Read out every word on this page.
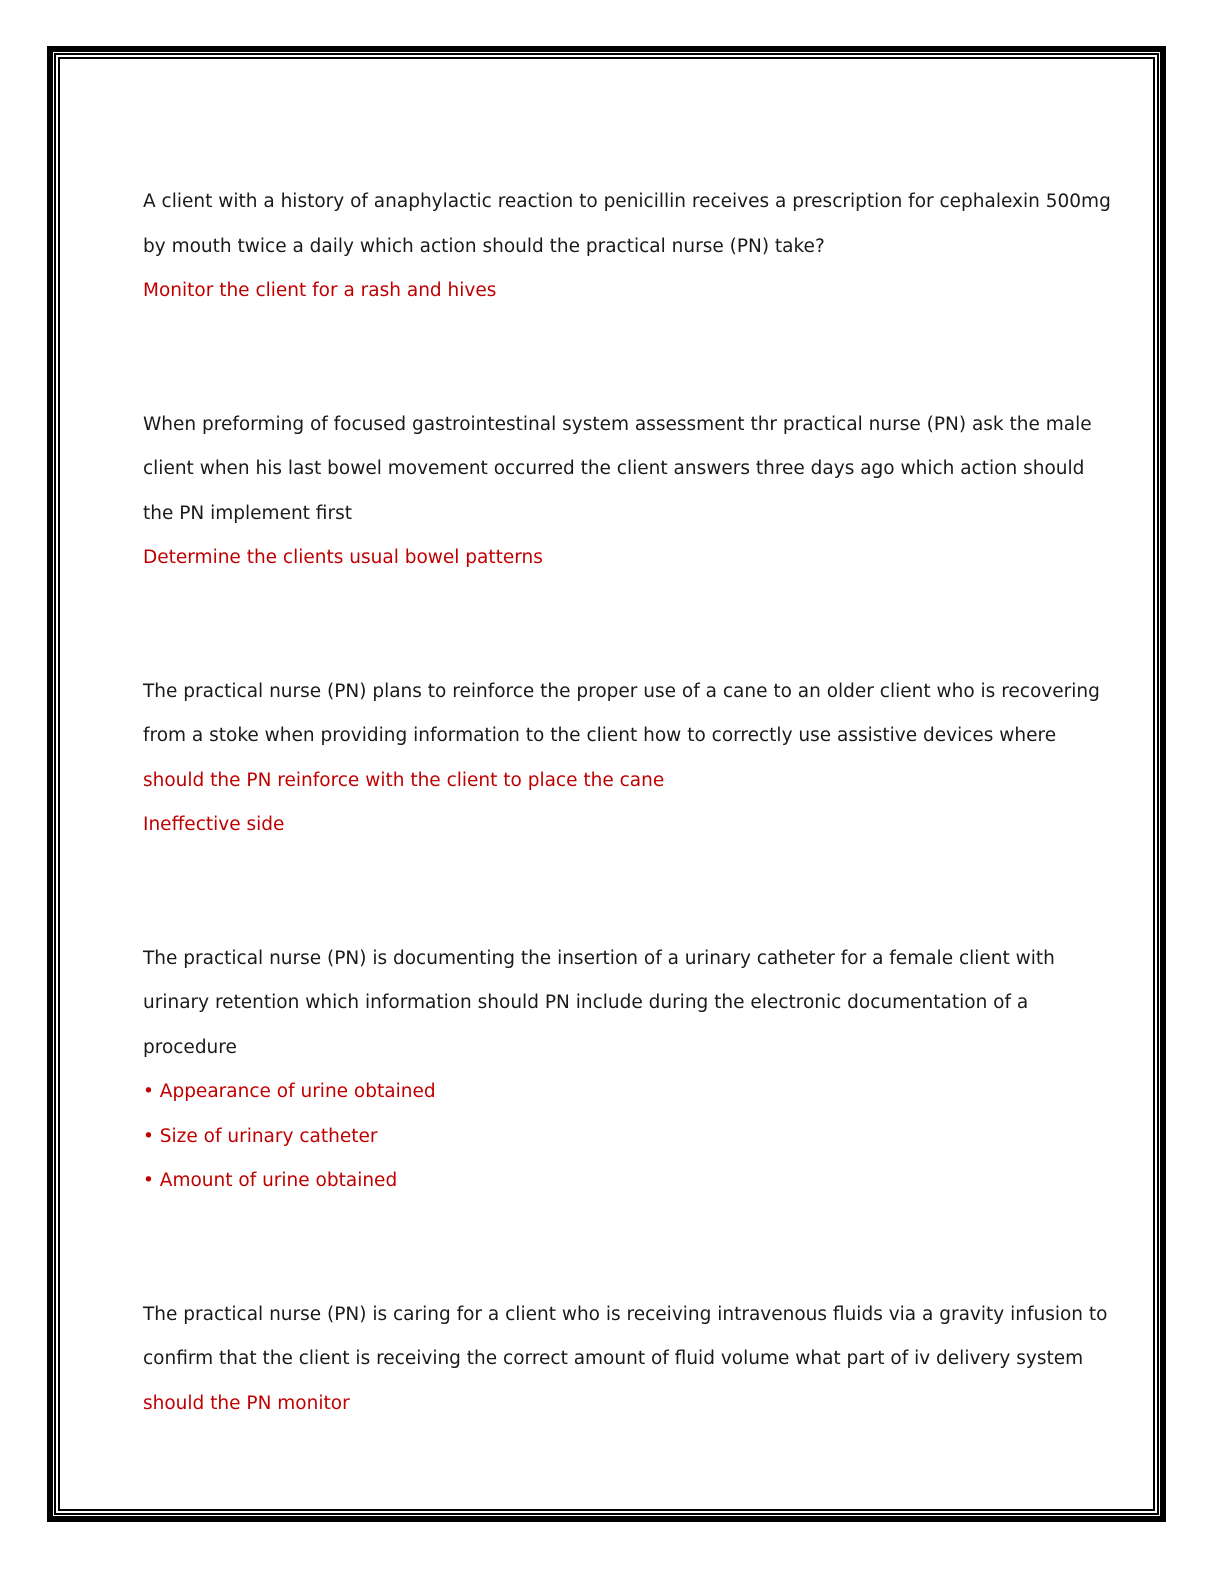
A client with a history of anaphylactic reaction to penicillin receives a prescription for cephalexin 500mg
by mouth twice a daily which action should the practical nurse (PN) take?
Monitor the client for a rash and hives
When preforming of focused gastrointestinal system assessment thr practical nurse (PN) ask the male
client when his last bowel movement occurred the client answers three days ago which action should
the PN implement first
Determine the clients usual bowel patterns
The practical nurse (PN) plans to reinforce the proper use of a cane to an older client who is recovering
from a stoke when providing information to the client how to correctly use assistive devices where
should the PN reinforce with the client to place the cane
Ineffective side
The practical nurse (PN) is documenting the insertion of a urinary catheter for a female client with
urinary retention which information should PN include during the electronic documentation of a
procedure
• Appearance of urine obtained
• Size of urinary catheter
• Amount of urine obtained
The practical nurse (PN) is caring for a client who is receiving intravenous fluids via a gravity infusion to
confirm that the client is receiving the correct amount of fluid volume what part of iv delivery system
should the PN monitor
